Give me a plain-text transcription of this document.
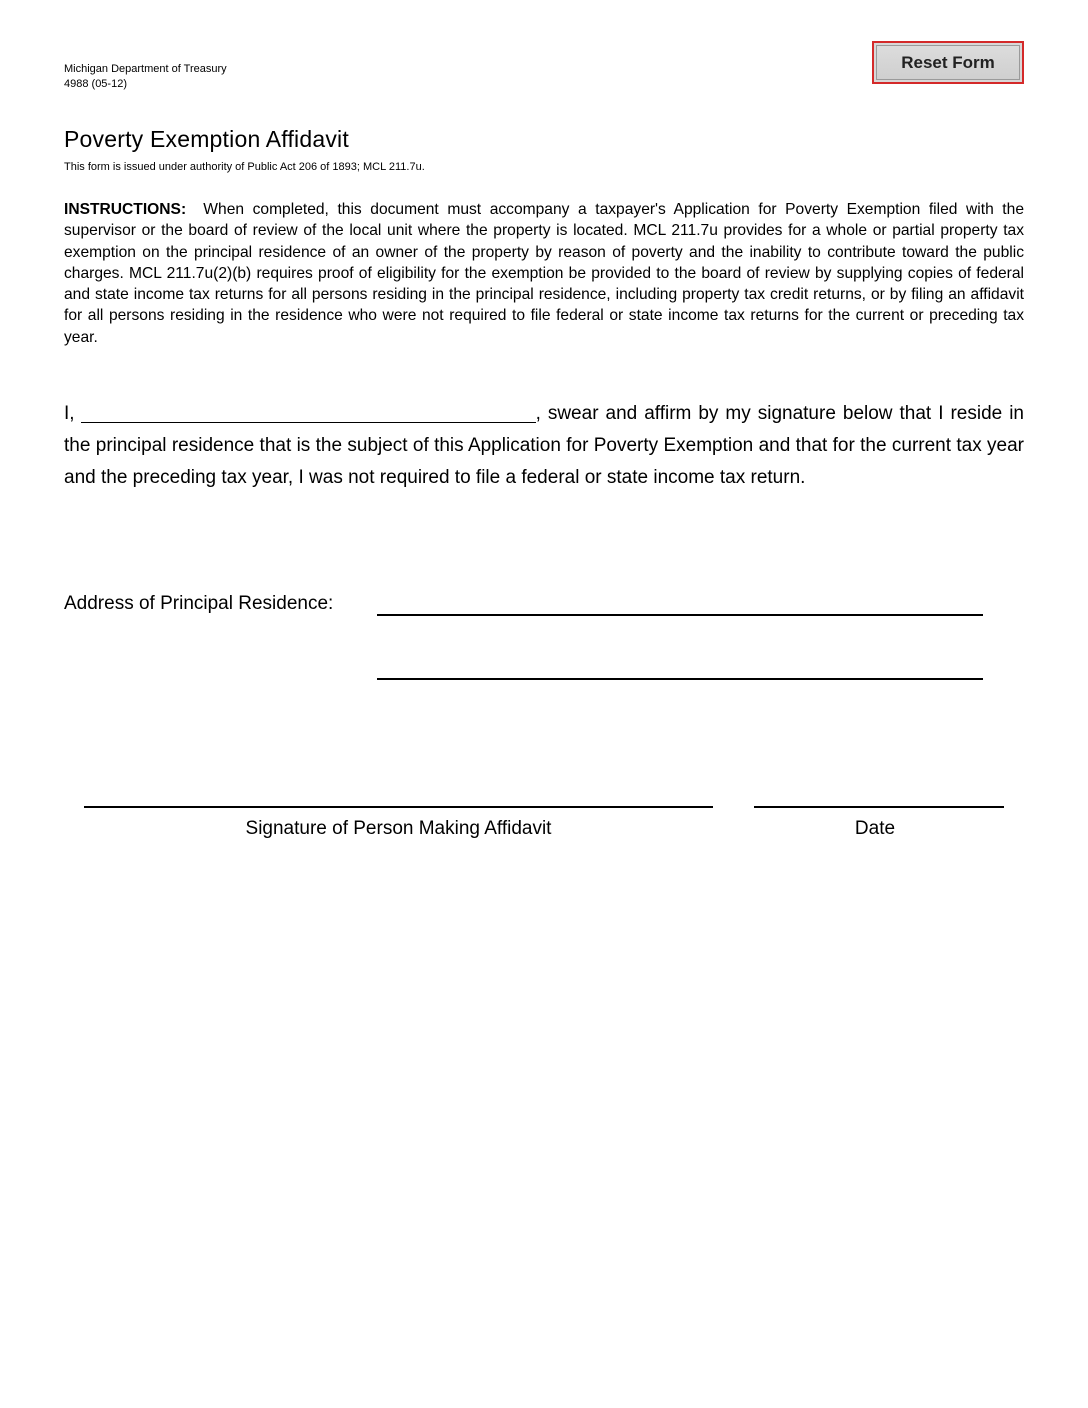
Michigan Department of Treasury
4988 (05-12)
Reset Form
Poverty Exemption Affidavit
This form is issued under authority of Public Act 206 of 1893; MCL 211.7u.
INSTRUCTIONS: When completed, this document must accompany a taxpayer's Application for Poverty Exemption filed with the supervisor or the board of review of the local unit where the property is located. MCL 211.7u provides for a whole or partial property tax exemption on the principal residence of an owner of the property by reason of poverty and the inability to contribute toward the public charges. MCL 211.7u(2)(b) requires proof of eligibility for the exemption be provided to the board of review by supplying copies of federal and state income tax returns for all persons residing in the principal residence, including property tax credit returns, or by filing an affidavit for all persons residing in the residence who were not required to file federal or state income tax returns for the current or preceding tax year.
I,	, swear and affirm by my signature below that I reside in the principal residence that is the subject of this Application for Poverty Exemption and that for the current tax year and the preceding tax year, I was not required to file a federal or state income tax return.
Address of Principal Residence:
Signature of Person Making Affidavit	Date
